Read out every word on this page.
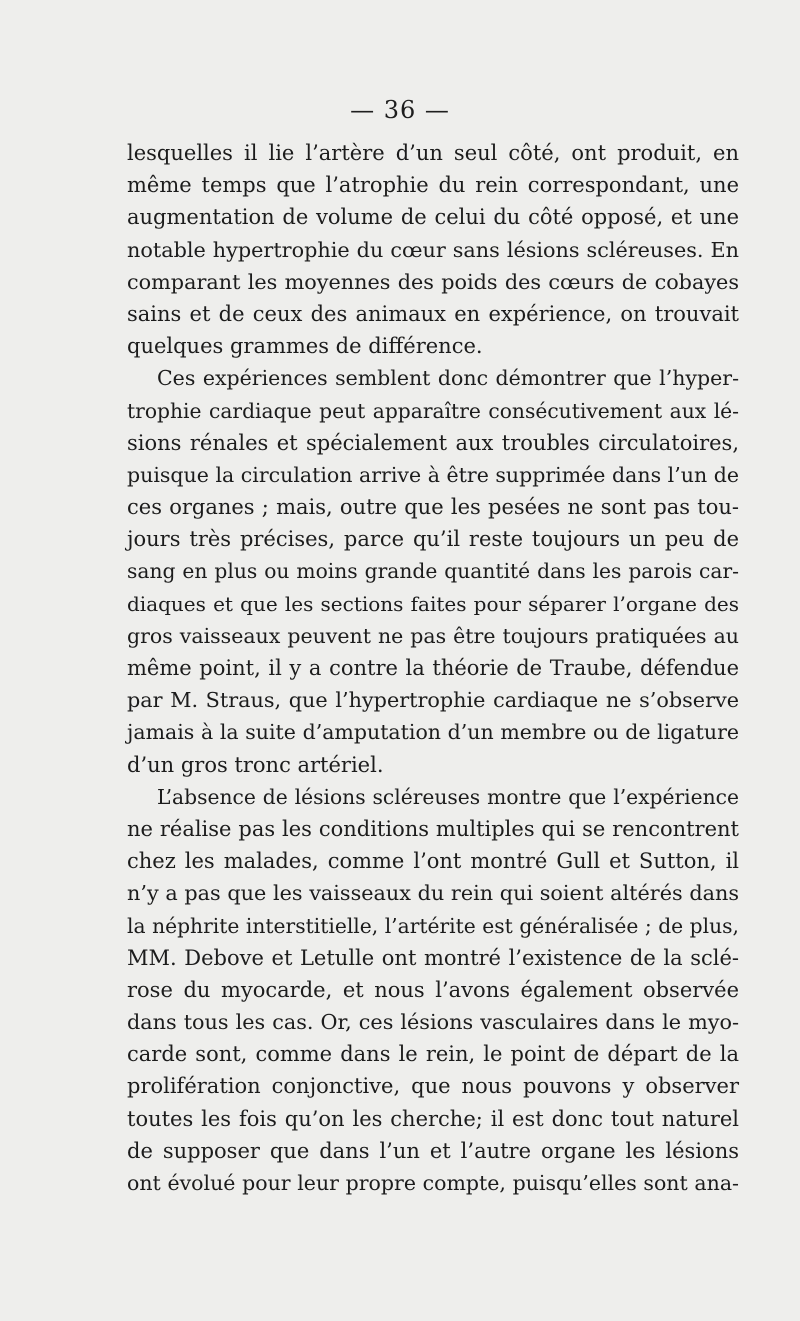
— 36 —
lesquelles il lie l’artère d’un seul côté, ont produit, en
même temps que l’atrophie du rein correspondant, une
augmentation de volume de celui du côté opposé, et une
notable hypertrophie du cœur sans lésions scléreuses. En
comparant les moyennes des poids des cœurs de cobayes
sains et de ceux des animaux en expérience, on trouvait
quelques grammes de différence.
Ces expériences semblent donc démontrer que l’hyper-
trophie cardiaque peut apparaître consécutivement aux lé-
sions rénales et spécialement aux troubles circulatoires,
puisque la circulation arrive à être supprimée dans l’un de
ces organes ; mais, outre que les pesées ne sont pas tou-
jours très précises, parce qu’il reste toujours un peu de
sang en plus ou moins grande quantité dans les parois car-
diaques et que les sections faites pour séparer l’organe des
gros vaisseaux peuvent ne pas être toujours pratiquées au
même point, il y a contre la théorie de Traube, défendue
par M. Straus, que l’hypertrophie cardiaque ne s’observe
jamais à la suite d’amputation d’un membre ou de ligature
d’un gros tronc artériel.
L’absence de lésions scléreuses montre que l’expérience
ne réalise pas les conditions multiples qui se rencontrent
chez les malades, comme l’ont montré Gull et Sutton, il
n’y a pas que les vaisseaux du rein qui soient altérés dans
la néphrite interstitielle, l’artérite est généralisée ; de plus,
MM. Debove et Letulle ont montré l’existence de la sclé-
rose du myocarde, et nous l’avons également observée
dans tous les cas. Or, ces lésions vasculaires dans le myo-
carde sont, comme dans le rein, le point de départ de la
prolifération conjonctive, que nous pouvons y observer
toutes les fois qu’on les cherche; il est donc tout naturel
de supposer que dans l’un et l’autre organe les lésions
ont évolué pour leur propre compte, puisqu’elles sont ana-
